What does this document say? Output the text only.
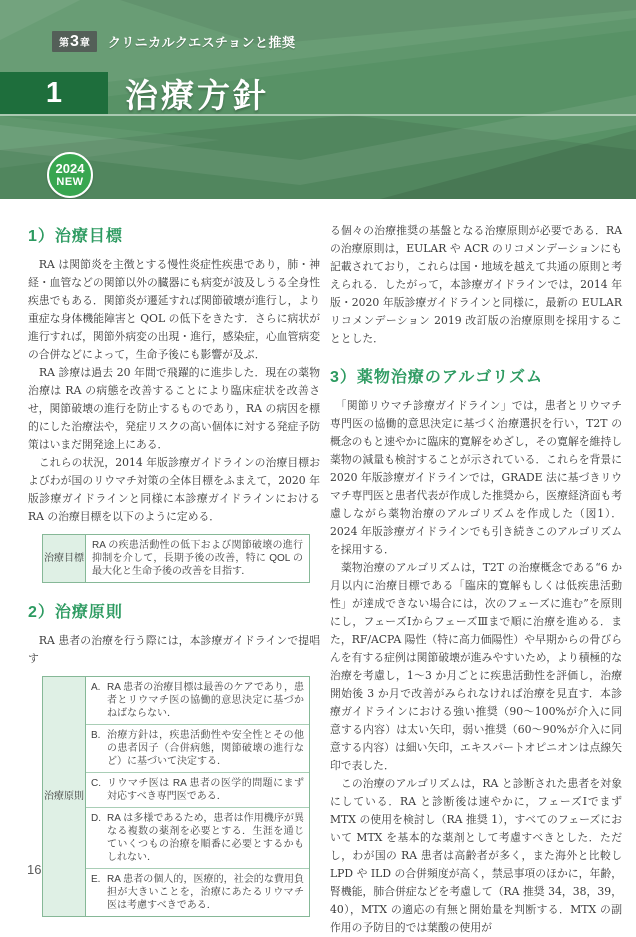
第 3 章 クリニカルクエスチョンと推奨
1 治療方針
2024
NEW
1）治療目標

　RA は関節炎を主徴とする慢性炎症性疾患であり，肺・神経・血管などの関節以外の臓器にも病変が波及しうる全身性疾患でもある．関節炎が遷延すれば関節破壊が進行し，より重症な身体機能障害と QOL の低下をきたす．さらに病状が進行すれば，関節外病変の出現・進行，感染症，心血管病変の合併などによって，生命予後にも影響が及ぶ．

　RA 診療は過去 20 年間で飛躍的に進歩した．現在の薬物治療は RA の病態を改善することにより臨床症状を改善させ，関節破壊の進行を防止するものであり，RA の病因を標的にした治療法や，発症リスクの高い個体に対する発症予防策はいまだ開発途上にある．

　これらの状況，2014 年版診療ガイドラインの治療目標およびわが国のリウマチ対策の全体目標をふまえて，2020 年版診療ガイドラインと同様に本診療ガイドラインにおける RA の治療目標を以下のように定める．

治療目標
RA の疾患活動性の低下および関節破壊の進行抑制を介して，長期予後の改善，特に QOL の最大化と生命予後の改善を目指す．
2）治療原則

　RA 患者の治療を行う際には，本診療ガイドラインで提唱す

治療原則
A. RA 患者の治療目標は最善のケアであり，患者とリウマチ医の協働的意思決定に基づかねばならない．
B. 治療方針は，疾患活動性や安全性とその他の患者因子（合併病態，関節破壊の進行など）に基づいて決定する．
C. リウマチ医は RA 患者の医学的問題にまず対応すべき専門医である．
D. RA は多様であるため，患者は作用機序が異なる複数の薬剤を必要とする．生涯を通じていくつもの治療を順番に必要とするかもしれない．
E. RA 患者の個人的，医療的，社会的な費用負担が大きいことを，治療にあたるリウマチ医は考慮すべきである．

る個々の治療推奨の基盤となる治療原則が必要である．RA の治療原則は，EULAR や ACR のリコメンデーションにも記載されており，これらは国・地域を越えて共通の原則と考えられる．したがって，本診療ガイドラインでは，2014 年版・2020 年版診療ガイドラインと同様に，最新の EULAR リコメンデーション 2019 改訂版の治療原則を採用することとした．

3）薬物治療のアルゴリズム

　「関節リウマチ診療ガイドライン」では，患者とリウマチ専門医の協働的意思決定に基づく治療選択を行い，T2T の概念のもと速やかに臨床的寛解をめざし，その寛解を維持し薬物の減量も検討することが示されている．これらを背景に 2020 年版診療ガイドラインでは，GRADE 法に基づきリウマチ専門医と患者代表が作成した推奨から，医療経済面も考慮しながら薬物治療のアルゴリズムを作成した（図1）．2024 年版診療ガイドラインでも引き続きこのアルゴリズムを採用する．

　薬物治療のアルゴリズムは，T2T の治療概念である“6 か月以内に治療目標である「臨床的寛解もしくは低疾患活動性」が達成できない場合には，次のフェーズに進む”を原則にし，フェーズⅠからフェーズⅢまで順に治療を進める．また，RF/ACPA 陽性（特に高力価陽性）や早期からの骨びらんを有する症例は関節破壊が進みやすいため，より積極的な治療を考慮し，1～3 か月ごとに疾患活動性を評価し，治療開始後 3 か月で改善がみられなければ治療を見直す．本診療ガイドラインにおける強い推奨（90～100%が介入に同意する内容）は太い矢印，弱い推奨（60～90%が介入に同意する内容）は細い矢印，エキスパートオピニオンは点線矢印で表した．

　この治療のアルゴリズムは，RA と診断された患者を対象にしている．RA と診断後は速やかに，フェーズⅠでまず MTX の使用を検討し（RA 推奨 1），すべてのフェーズにおいて MTX を基本的な薬剤として考慮すべきとした．ただし，わが国の RA 患者は高齢者が多く，また海外と比較し LPD や ILD の合併頻度が高く，禁忌事項のほかに，年齢，腎機能，肺合併症などを考慮して（RA 推奨 34，38，39，40），MTX の適応の有無と開始量を判断する．MTX の副作用の予防目的では葉酸の使用が

16
